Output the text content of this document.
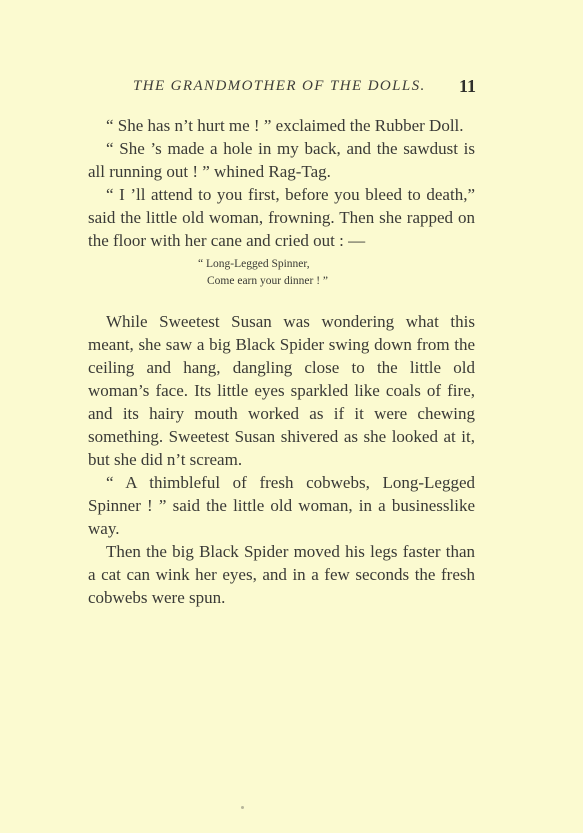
THE GRANDMOTHER OF THE DOLLS. 11

“ She has n’t hurt me ! ” exclaimed the Rubber Doll.

“ She ’s made a hole in my back, and the sawdust is all running out ! ” whined Rag-Tag.

“ I ’ll attend to you first, before you bleed to death,” said the little old woman, frowning. Then she rapped on the floor with her cane and cried out : —

“ Long-Legged Spinner,
Come earn your dinner ! ”

While Sweetest Susan was wondering what this meant, she saw a big Black Spider swing down from the ceiling and hang, dangling close to the little old woman’s face. Its little eyes sparkled like coals of fire, and its hairy mouth worked as if it were chewing something. Sweetest Susan shivered as she looked at it, but she did n’t scream.

“ A thimbleful of fresh cobwebs, Long-Legged Spinner ! ” said the little old woman, in a businesslike way.

Then the big Black Spider moved his legs faster than a cat can wink her eyes, and in a few seconds the fresh cobwebs were spun.
